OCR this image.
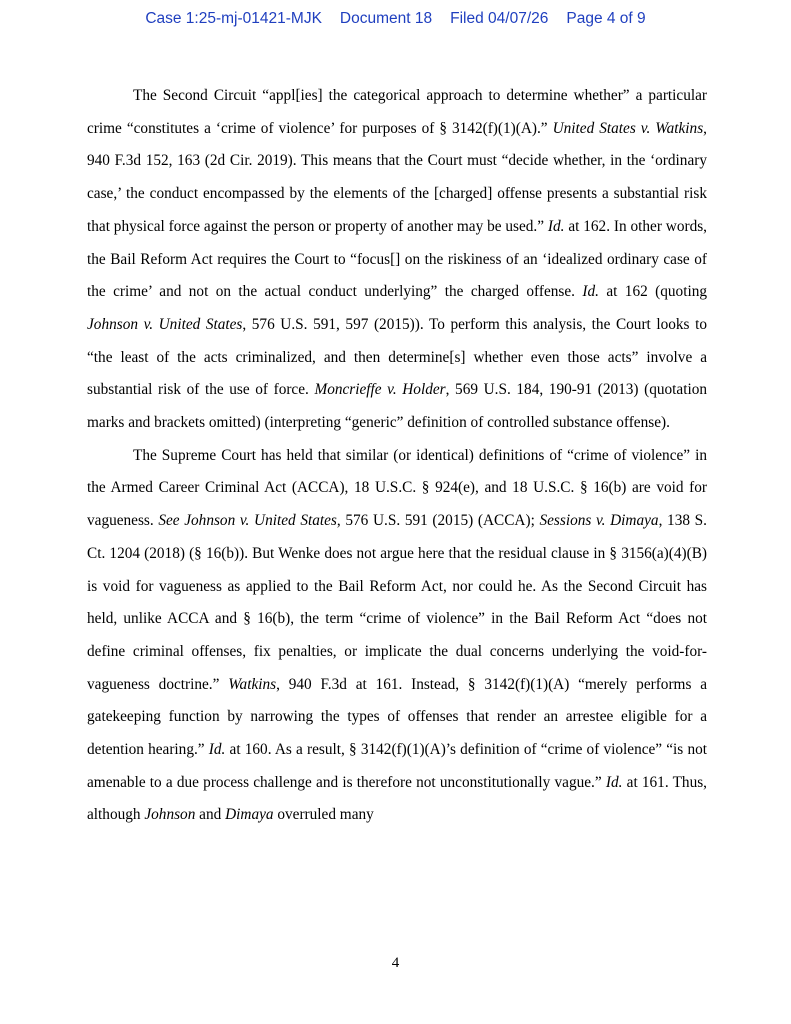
Case 1:25-mj-01421-MJK Document 18 Filed 04/07/26 Page 4 of 9

The Second Circuit “appl[ies] the categorical approach to determine whether” a particular crime “constitutes a ‘crime of violence’ for purposes of § 3142(f)(1)(A).” United States v. Watkins, 940 F.3d 152, 163 (2d Cir. 2019). This means that the Court must “decide whether, in the ‘ordinary case,’ the conduct encompassed by the elements of the [charged] offense presents a substantial risk that physical force against the person or property of another may be used.” Id. at 162. In other words, the Bail Reform Act requires the Court to “focus[] on the riskiness of an ‘idealized ordinary case of the crime’ and not on the actual conduct underlying” the charged offense. Id. at 162 (quoting Johnson v. United States, 576 U.S. 591, 597 (2015)). To perform this analysis, the Court looks to “the least of the acts criminalized, and then determine[s] whether even those acts” involve a substantial risk of the use of force. Moncrieffe v. Holder, 569 U.S. 184, 190-91 (2013) (quotation marks and brackets omitted) (interpreting “generic” definition of controlled substance offense).

The Supreme Court has held that similar (or identical) definitions of “crime of violence” in the Armed Career Criminal Act (ACCA), 18 U.S.C. § 924(e), and 18 U.S.C. § 16(b) are void for vagueness. See Johnson v. United States, 576 U.S. 591 (2015) (ACCA); Sessions v. Dimaya, 138 S. Ct. 1204 (2018) (§ 16(b)). But Wenke does not argue here that the residual clause in § 3156(a)(4)(B) is void for vagueness as applied to the Bail Reform Act, nor could he. As the Second Circuit has held, unlike ACCA and § 16(b), the term “crime of violence” in the Bail Reform Act “does not define criminal offenses, fix penalties, or implicate the dual concerns underlying the void-for-vagueness doctrine.” Watkins, 940 F.3d at 161. Instead, § 3142(f)(1)(A) “merely performs a gatekeeping function by narrowing the types of offenses that render an arrestee eligible for a detention hearing.” Id. at 160. As a result, § 3142(f)(1)(A)’s definition of “crime of violence” “is not amenable to a due process challenge and is therefore not unconstitutionally vague.” Id. at 161. Thus, although Johnson and Dimaya overruled many

4
